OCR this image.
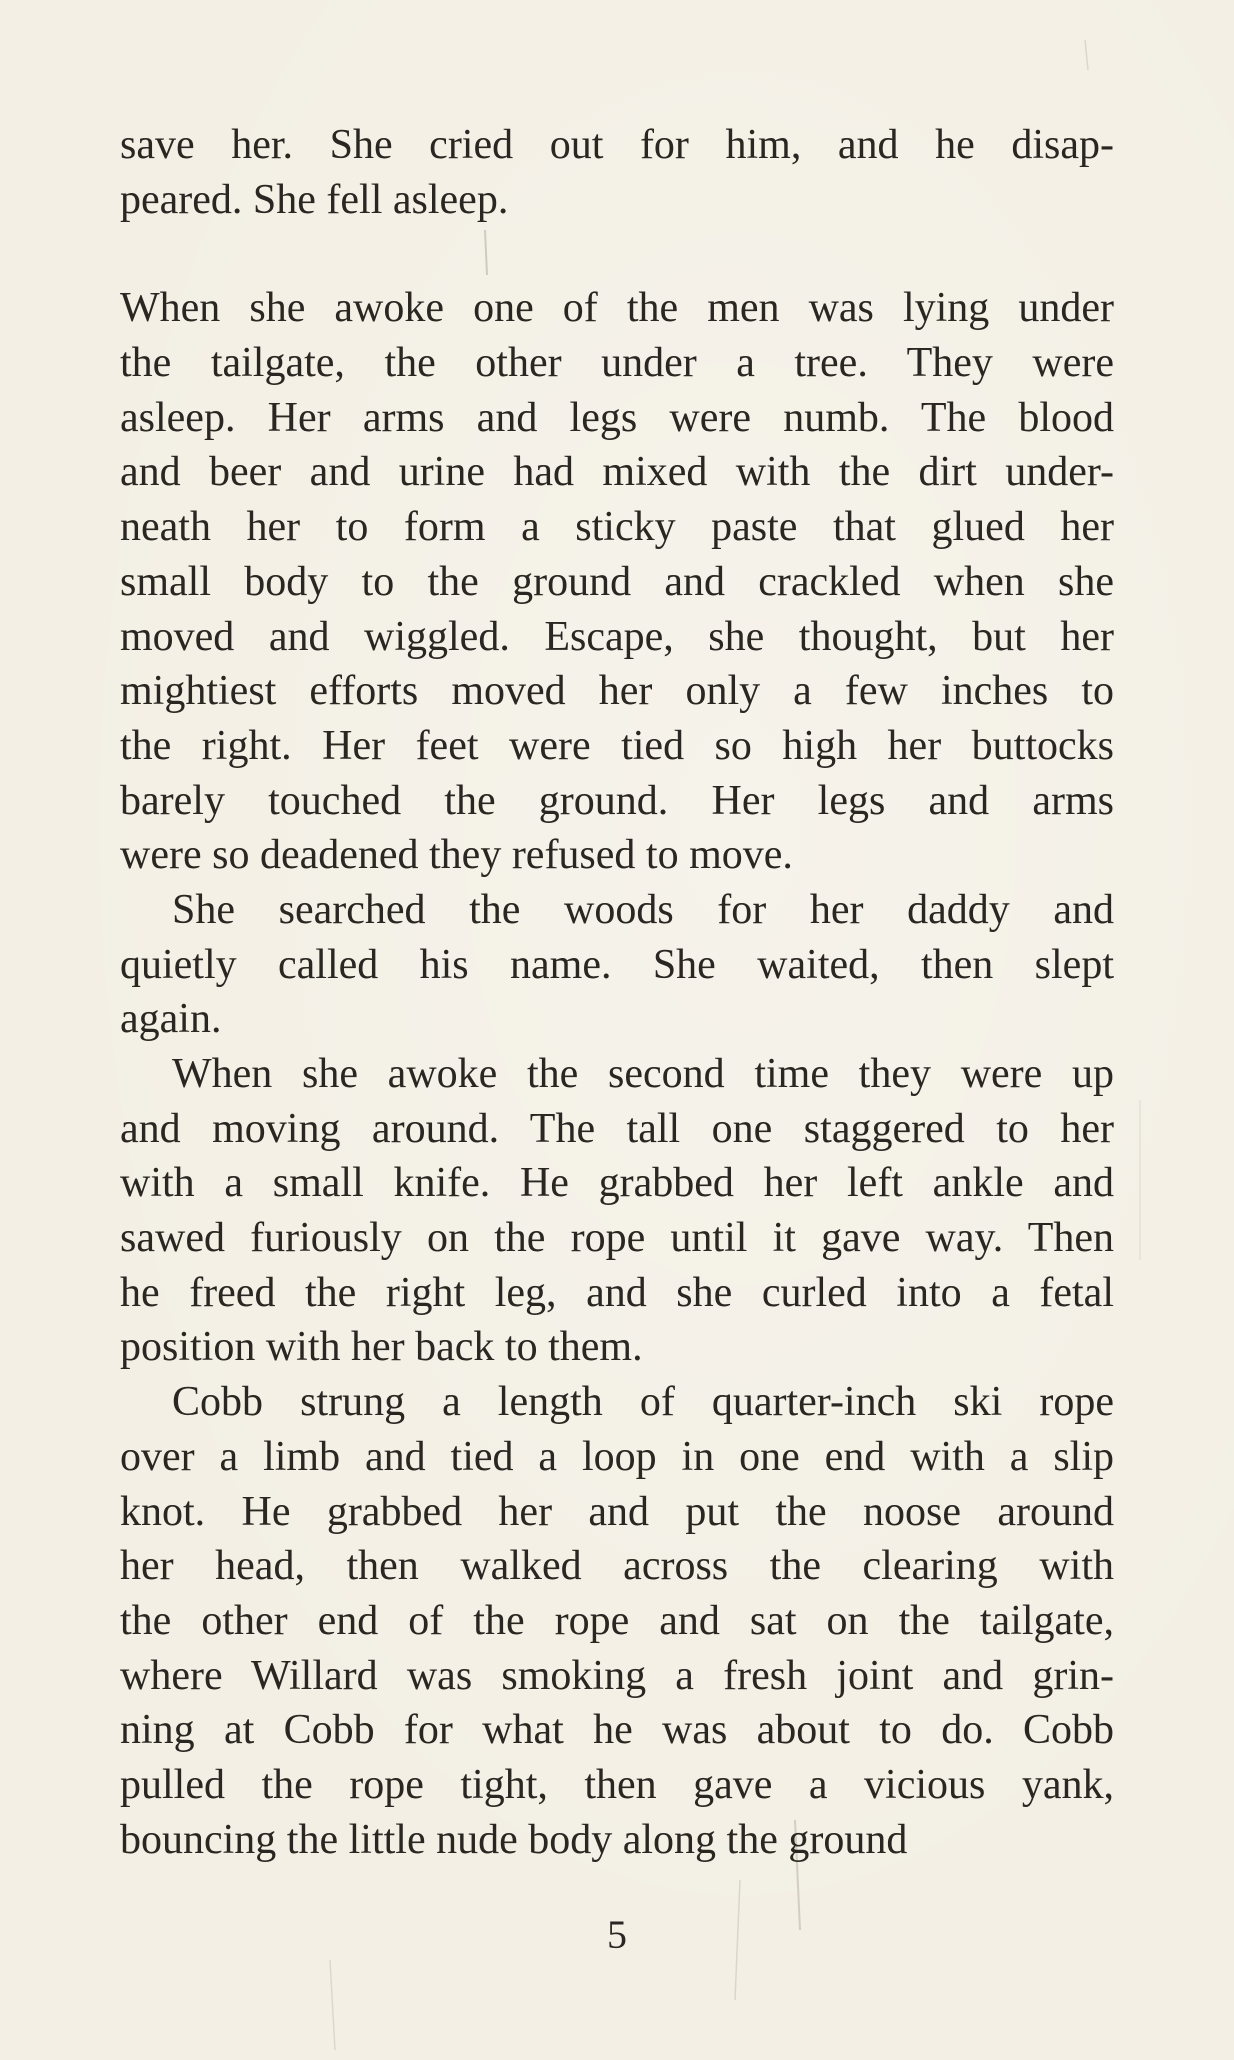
save her. She cried out for him, and he disap-
peared. She fell asleep.
When she awoke one of the men was lying under
the tailgate, the other under a tree. They were
asleep. Her arms and legs were numb. The blood
and beer and urine had mixed with the dirt under-
neath her to form a sticky paste that glued her
small body to the ground and crackled when she
moved and wiggled. Escape, she thought, but her
mightiest efforts moved her only a few inches to
the right. Her feet were tied so high her buttocks
barely touched the ground. Her legs and arms
were so deadened they refused to move.
She searched the woods for her daddy and
quietly called his name. She waited, then slept
again.
When she awoke the second time they were up
and moving around. The tall one staggered to her
with a small knife. He grabbed her left ankle and
sawed furiously on the rope until it gave way. Then
he freed the right leg, and she curled into a fetal
position with her back to them.
Cobb strung a length of quarter-inch ski rope
over a limb and tied a loop in one end with a slip
knot. He grabbed her and put the noose around
her head, then walked across the clearing with
the other end of the rope and sat on the tailgate,
where Willard was smoking a fresh joint and grin-
ning at Cobb for what he was about to do. Cobb
pulled the rope tight, then gave a vicious yank,
bouncing the little nude body along the ground
5
